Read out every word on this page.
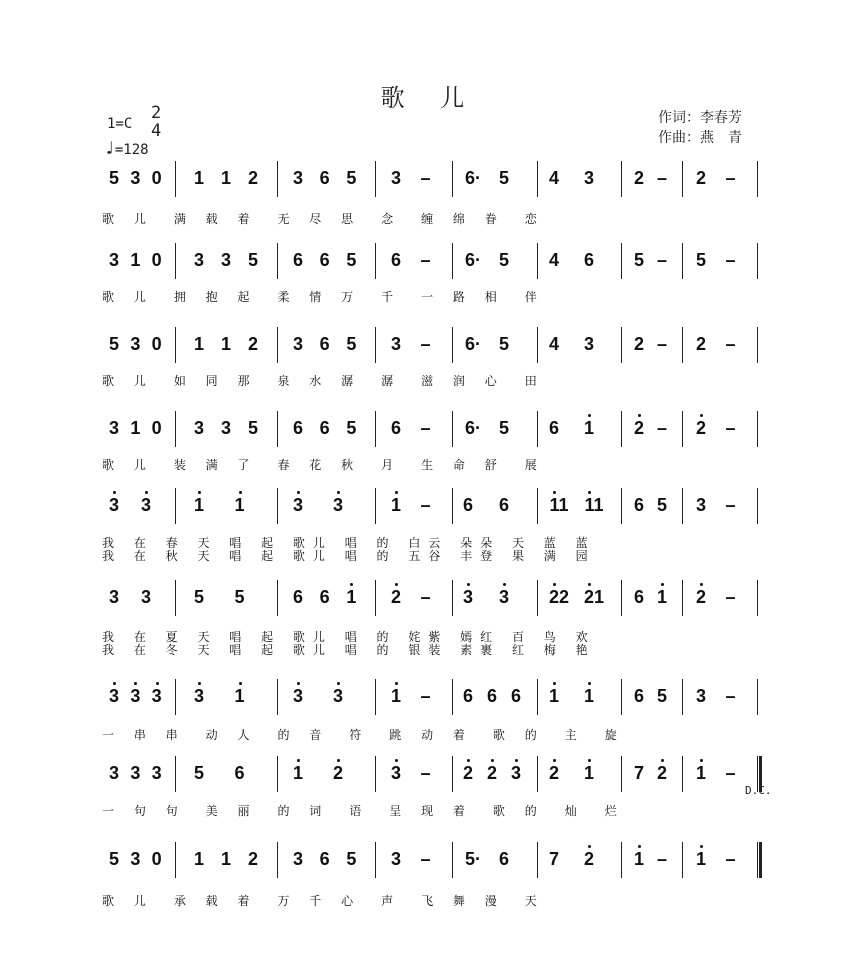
歌 儿
1=C
2
4
♩=128
作词：李春芳
作曲：燕　青
5 3 0 1 1 2 3 6 5 3 – 6· 5 4 3 2 – 2 –
歌 儿　满 载 着　无 尽 思　念　缠 绵 眷　恋
3 1 0 3 3 5 6 6 5 6 – 6· 5 4 6 5 – 5 –
歌 儿　拥 抱 起　柔 情 万　千　一 路 相　伴
5 3 0 1 1 2 3 6 5 3 – 6· 5 4 3 2 – 2 –
歌 儿　如 同 那　泉 水 潺　潺　滋 润 心　田
3 1 0 3 3 5 6 6 5 6 – 6· 5 6 1 2 – 2 –
歌 儿　装 满 了　春 花 秋　月　生 命 舒　展
3 3 1 1	3 3	1 – 6 6 11 11 6 5 3 –
我 在 春 天 唱 起 歌儿 唱 的 白云 朵朵 天 蓝 蓝
我 在 秋 天 唱 起 歌儿 唱 的 五谷 丰登 果 满 园
3 3 5 5	6 6 1 2 – 3 3 22 21 6 1 2 –
我 在 夏 天 唱 起 歌儿 唱 的 姹紫 嫣红 百 鸟 欢
我 在 冬 天 唱 起 歌儿 唱 的 银装 素裹 红 梅 艳
3 3 3 3 1	3 3	1 – 6 6 6 1 1 6 5 3 –
一 串 串　动 人　的 音　符　跳 动 着　歌 的　主　旋
3 3 3 5 6	1 2	3 – 2 2 3 2 1 7 2 1 –
一 句 句　美 丽　的 词　语　呈 现 着　歌 的　灿　烂
D.C.
5 3 0 1 1 2 3 6 5 3 – 5· 6 7 2 1 – 1 –
歌 儿　承 载 着　万 千 心　声　飞 舞 漫　天
